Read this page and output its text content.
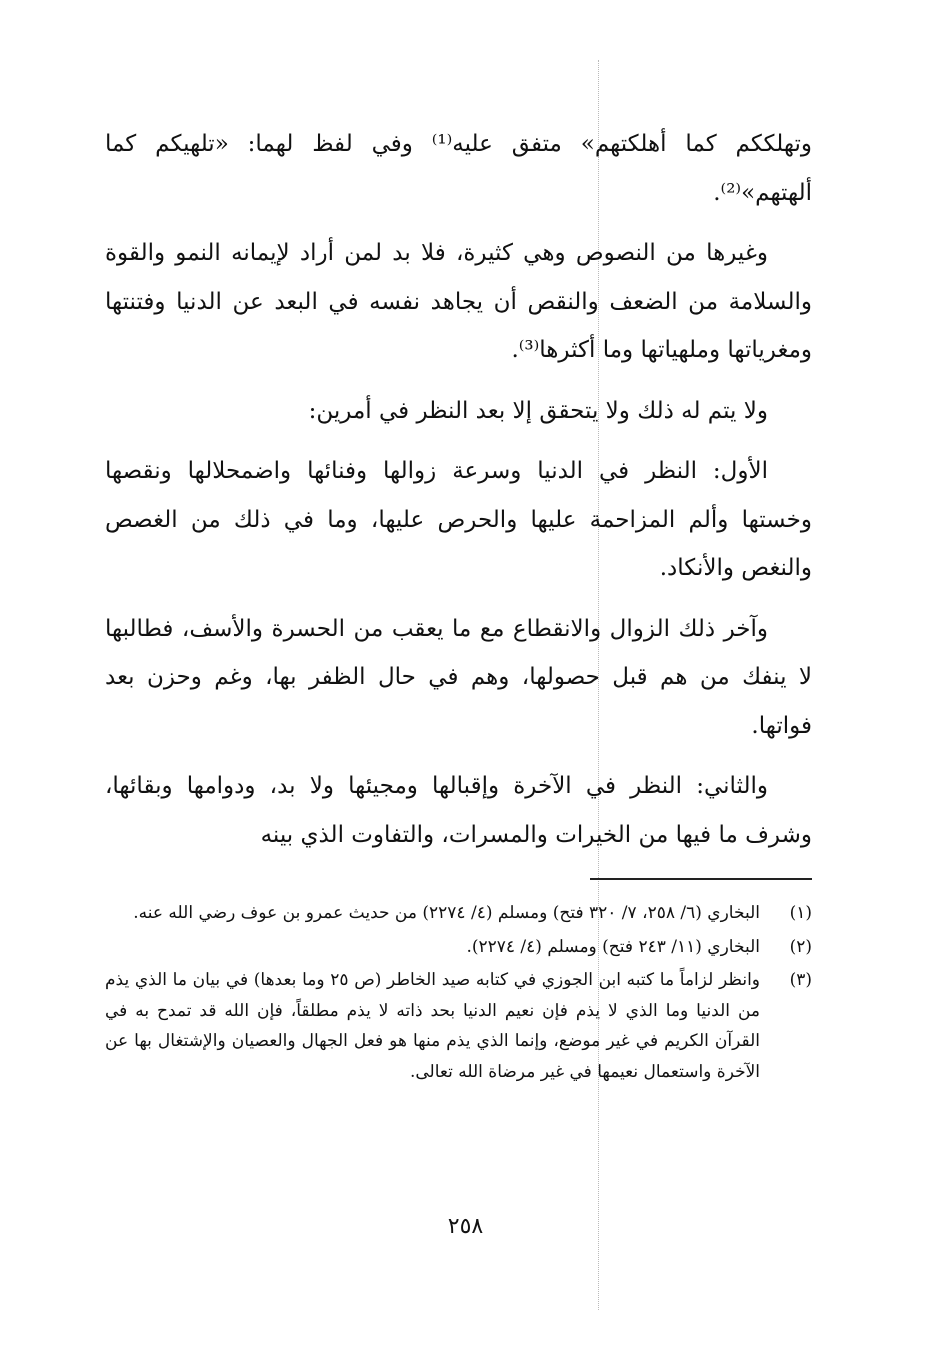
وتهلككم كما أهلكتهم» متفق عليه⁽¹⁾ وفي لفظ لهما: «تلهيكم كما ألهتهم»⁽²⁾.

وغيرها من النصوص وهي كثيرة، فلا بد لمن أراد لإيمانه النمو والقوة والسلامة من الضعف والنقص أن يجاهد نفسه في البعد عن الدنيا وفتنتها ومغرياتها وملهياتها وما أكثرها⁽³⁾.

ولا يتم له ذلك ولا يتحقق إلا بعد النظر في أمرين:

الأول: النظر في الدنيا وسرعة زوالها وفنائها واضمحلالها ونقصها وخستها وألم المزاحمة عليها والحرص عليها، وما في ذلك من الغصص والنغص والأنكاد.

وآخر ذلك الزوال والانقطاع مع ما يعقب من الحسرة والأسف، فطالبها لا ينفك من هم قبل حصولها، وهم في حال الظفر بها، وغم وحزن بعد فواتها.

والثاني: النظر في الآخرة وإقبالها ومجيئها ولا بد، ودوامها وبقائها، وشرف ما فيها من الخيرات والمسرات، والتفاوت الذي بينه

(١)
البخاري (٦/ ٢٥٨، ٧/ ٣٢٠ فتح) ومسلم (٤/ ٢٢٧٤) من حديث عمرو بن عوف رضي الله عنه.
(٢)
البخاري (١١/ ٢٤٣ فتح) ومسلم (٤/ ٢٢٧٤).
(٣)
وانظر لزاماً ما كتبه ابن الجوزي في كتابه صيد الخاطر (ص ٢٥ وما بعدها) في بيان ما الذي يذم من الدنيا وما الذي لا يذم فإن نعيم الدنيا بحد ذاته لا يذم مطلقاً، فإن الله قد تمدح به في القرآن الكريم في غير موضع، وإنما الذي يذم منها هو فعل الجهال والعصيان والإشتغال بها عن الآخرة واستعمال نعيمها في غير مرضاة الله تعالى.
٢٥٨
